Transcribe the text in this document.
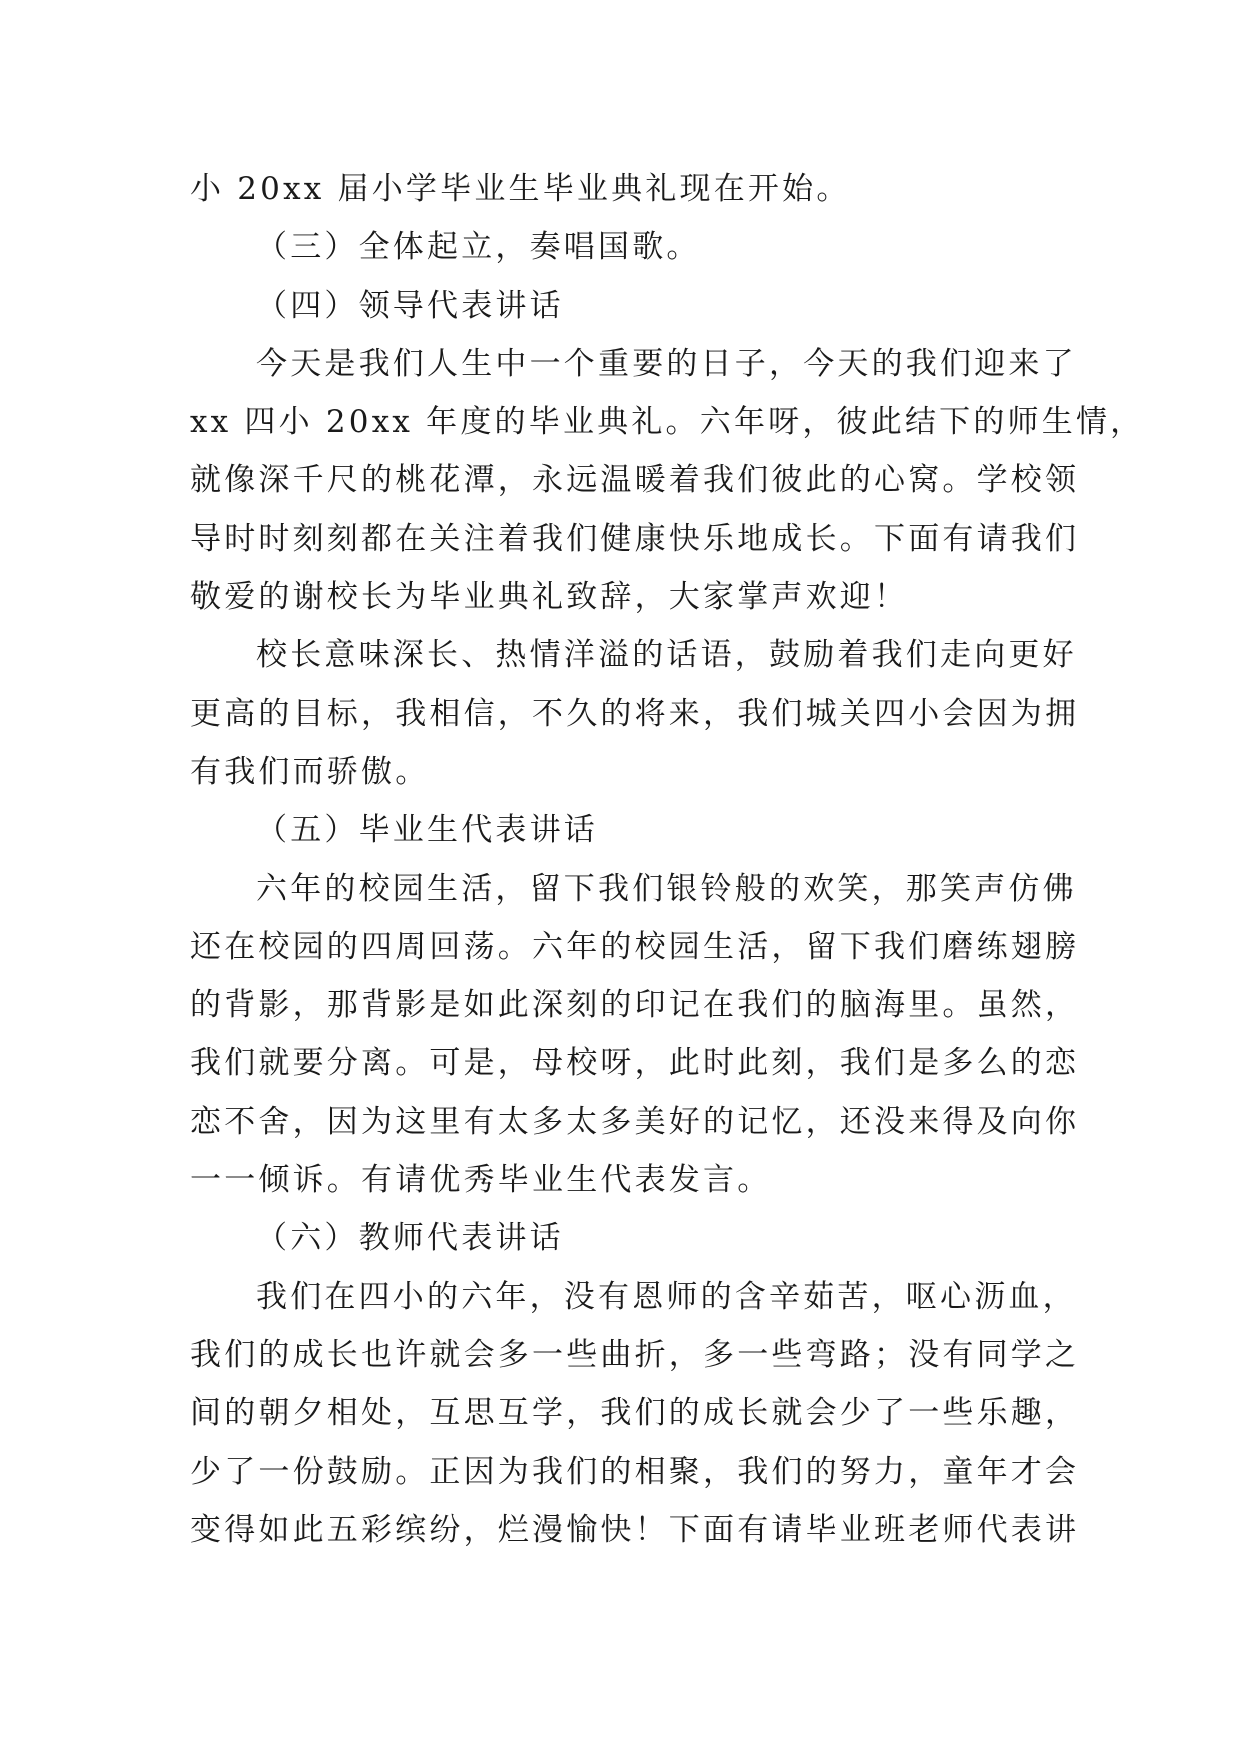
小 20xx 届小学毕业生毕业典礼现在开始。
（三）全体起立，奏唱国歌。
（四）领导代表讲话
今天是我们人生中一个重要的日子，今天的我们迎来了
xx 四小 20xx 年度的毕业典礼。六年呀，彼此结下的师生情，
就像深千尺的桃花潭，永远温暖着我们彼此的心窝。学校领
导时时刻刻都在关注着我们健康快乐地成长。下面有请我们
敬爱的谢校长为毕业典礼致辞，大家掌声欢迎！
校长意味深长、热情洋溢的话语，鼓励着我们走向更好
更高的目标，我相信，不久的将来，我们城关四小会因为拥
有我们而骄傲。
（五）毕业生代表讲话
六年的校园生活，留下我们银铃般的欢笑，那笑声仿佛
还在校园的四周回荡。六年的校园生活，留下我们磨练翅膀
的背影，那背影是如此深刻的印记在我们的脑海里。虽然，
我们就要分离。可是，母校呀，此时此刻，我们是多么的恋
恋不舍，因为这里有太多太多美好的记忆，还没来得及向你
一一倾诉。有请优秀毕业生代表发言。
（六）教师代表讲话
我们在四小的六年，没有恩师的含辛茹苦，呕心沥血，
我们的成长也许就会多一些曲折，多一些弯路；没有同学之
间的朝夕相处，互思互学，我们的成长就会少了一些乐趣，
少了一份鼓励。正因为我们的相聚，我们的努力，童年才会
变得如此五彩缤纷，烂漫愉快！下面有请毕业班老师代表讲
